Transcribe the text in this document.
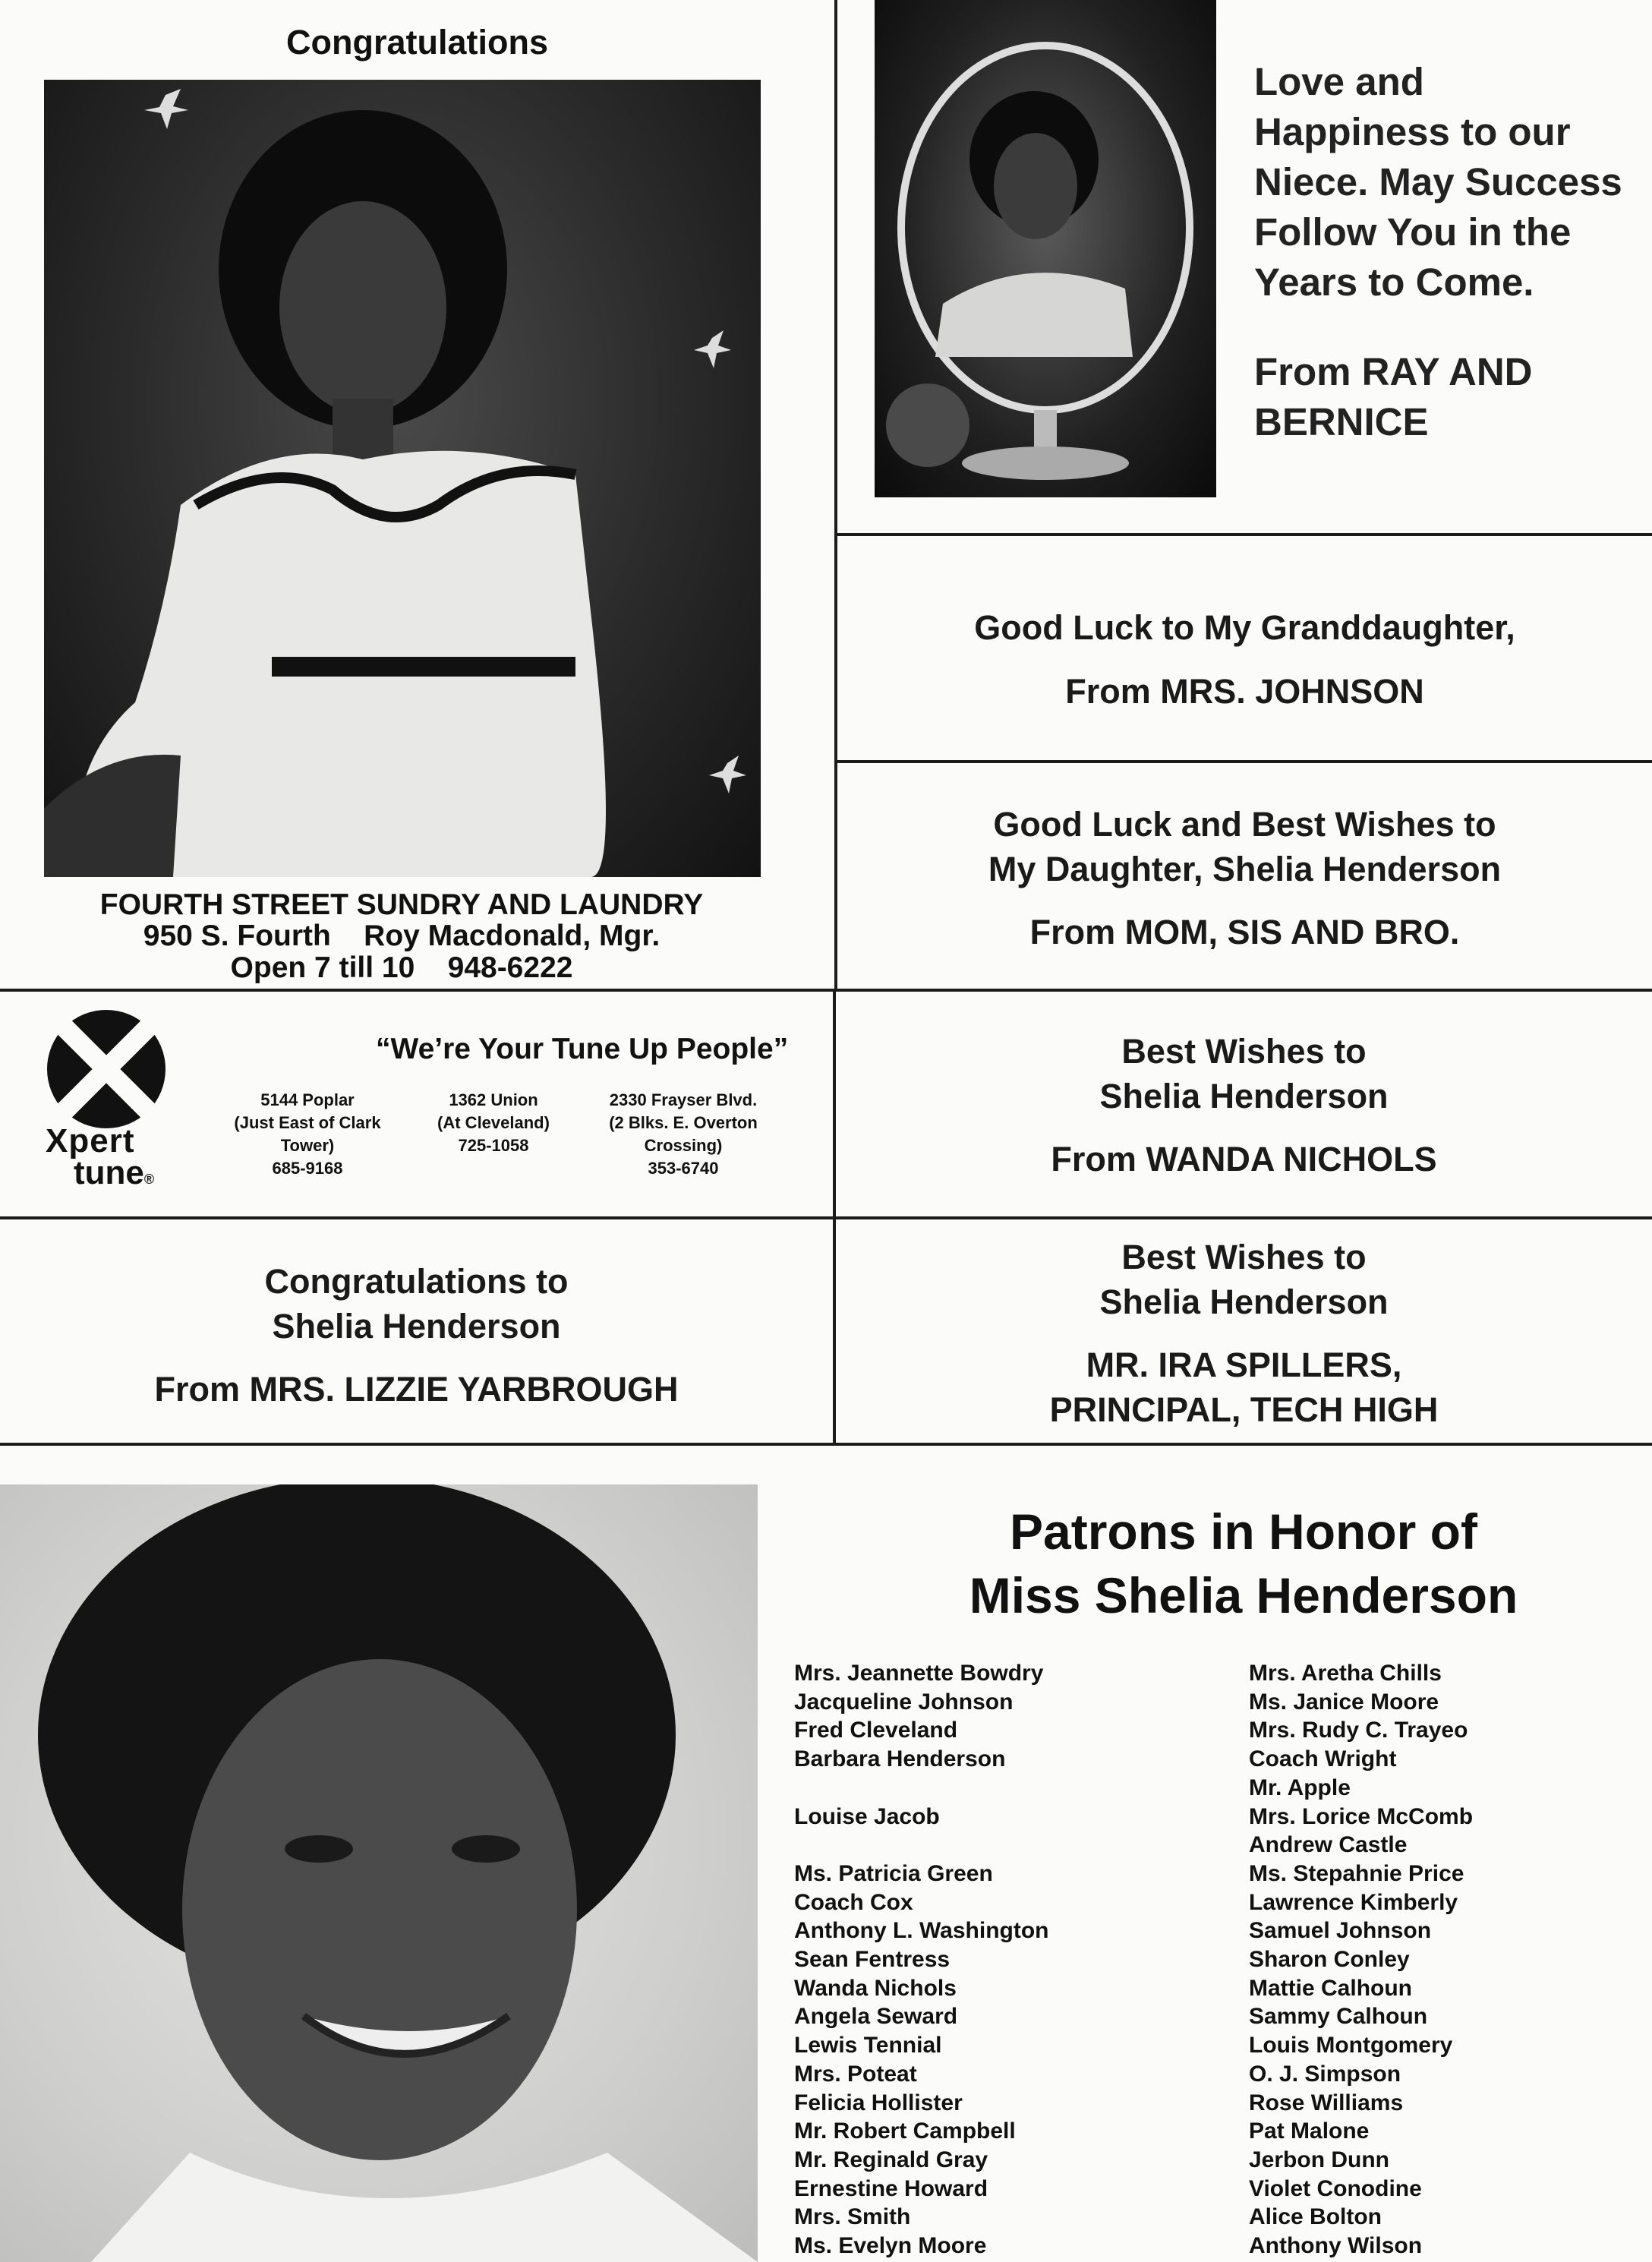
Congratulations
FOURTH STREET SUNDRY AND LAUNDRY
950 S. Fourth    Roy Macdonald, Mgr.
Open 7 till 10    948-6222
Love and
Happiness to our
Niece. May Success
Follow You in the
Years to Come.
From RAY AND
BERNICE
Good Luck to My Granddaughter,
From MRS. JOHNSON
Good Luck and Best Wishes to
My Daughter, Shelia Henderson
From MOM, SIS AND BRO.
Xpert
tune®
“We’re Your Tune Up People”
5144 Poplar
(Just East of Clark
Tower)
685-9168
1362 Union
(At Cleveland)
725-1058
2330 Frayser Blvd.
(2 Blks. E. Overton
Crossing)
353-6740
Best Wishes to
Shelia Henderson
From WANDA NICHOLS
Congratulations to
Shelia Henderson
From MRS. LIZZIE YARBROUGH
Best Wishes to
Shelia Henderson
MR. IRA SPILLERS,
PRINCIPAL, TECH HIGH
Patrons in Honor of
Miss Shelia Henderson
Mrs. Jeannette Bowdry
Jacqueline Johnson
Fred Cleveland
Barbara Henderson

Louise Jacob

Ms. Patricia Green
Coach Cox
Anthony L. Washington
Sean Fentress
Wanda Nichols
Angela Seward
Lewis Tennial
Mrs. Poteat
Felicia Hollister
Mr. Robert Campbell
Mr. Reginald Gray
Ernestine Howard
Mrs. Smith
Ms. Evelyn Moore
Mrs. Aretha Chills
Ms. Janice Moore
Mrs. Rudy C. Trayeo
Coach Wright
Mr. Apple
Mrs. Lorice McComb
Andrew Castle
Ms. Stepahnie Price
Lawrence Kimberly
Samuel Johnson
Sharon Conley
Mattie Calhoun
Sammy Calhoun
Louis Montgomery
O. J. Simpson
Rose Williams
Pat Malone
Jerbon Dunn
Violet Conodine
Alice Bolton
Anthony Wilson
